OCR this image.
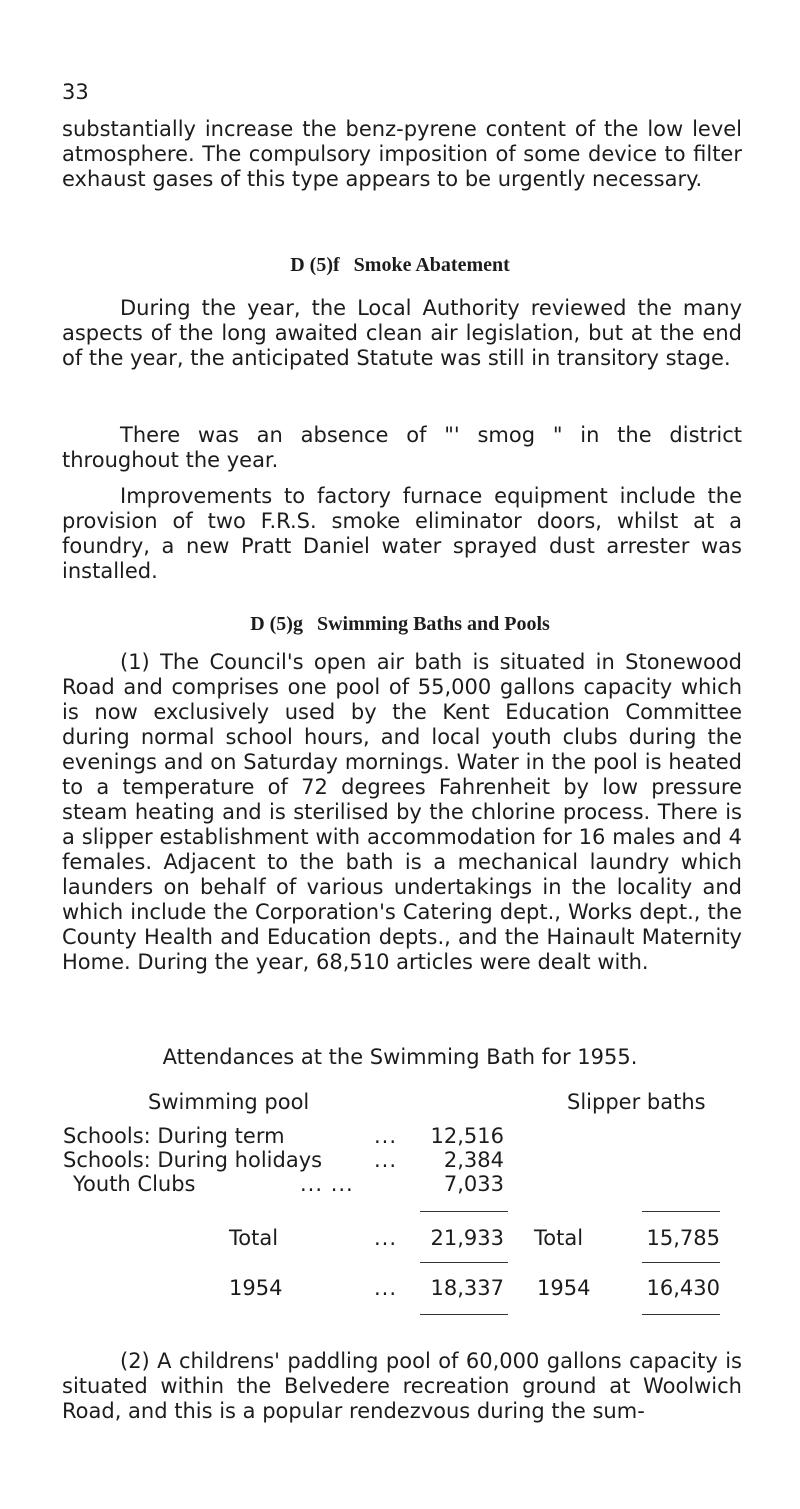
33
substantially increase the benz-pyrene content of the low level atmosphere. The compulsory imposition of some device to filter exhaust gases of this type appears to be urgently necessary.
D (5)f Smoke Abatement
During the year, the Local Authority reviewed the many aspects of the long awaited clean air legislation, but at the end of the year, the anticipated Statute was still in transitory stage.
There was an absence of "' smog " in the district throughout the year.
Improvements to factory furnace equipment include the provision of two F.R.S. smoke eliminator doors, whilst at a foundry, a new Pratt Daniel water sprayed dust arrester was installed.
D (5)g Swimming Baths and Pools
(1) The Council's open air bath is situated in Stonewood Road and comprises one pool of 55,000 gallons capacity which is now exclusively used by the Kent Education Committee during normal school hours, and local youth clubs during the evenings and on Saturday mornings. Water in the pool is heated to a temperature of 72 degrees Fahrenheit by low pressure steam heating and is sterilised by the chlorine process. There is a slipper establishment with accommodation for 16 males and 4 females. Adjacent to the bath is a mechanical laundry which launders on behalf of various undertakings in the locality and which include the Corporation's Catering dept., Works dept., the County Health and Education depts., and the Hainault Maternity Home. During the year, 68,510 articles were dealt with.
Attendances at the Swimming Bath for 1955.
Swimming pool	Slipper baths
Schools: During term	...	12,516
Schools: During holidays ...	2,384
Youth Clubs	... ...	7,033
Total	...	21,933 Total	15,785
1954	...	18,337 1954	16,430
(2) A childrens' paddling pool of 60,000 gallons capacity is situated within the Belvedere recreation ground at Woolwich Road, and this is a popular rendezvous during the sum-
